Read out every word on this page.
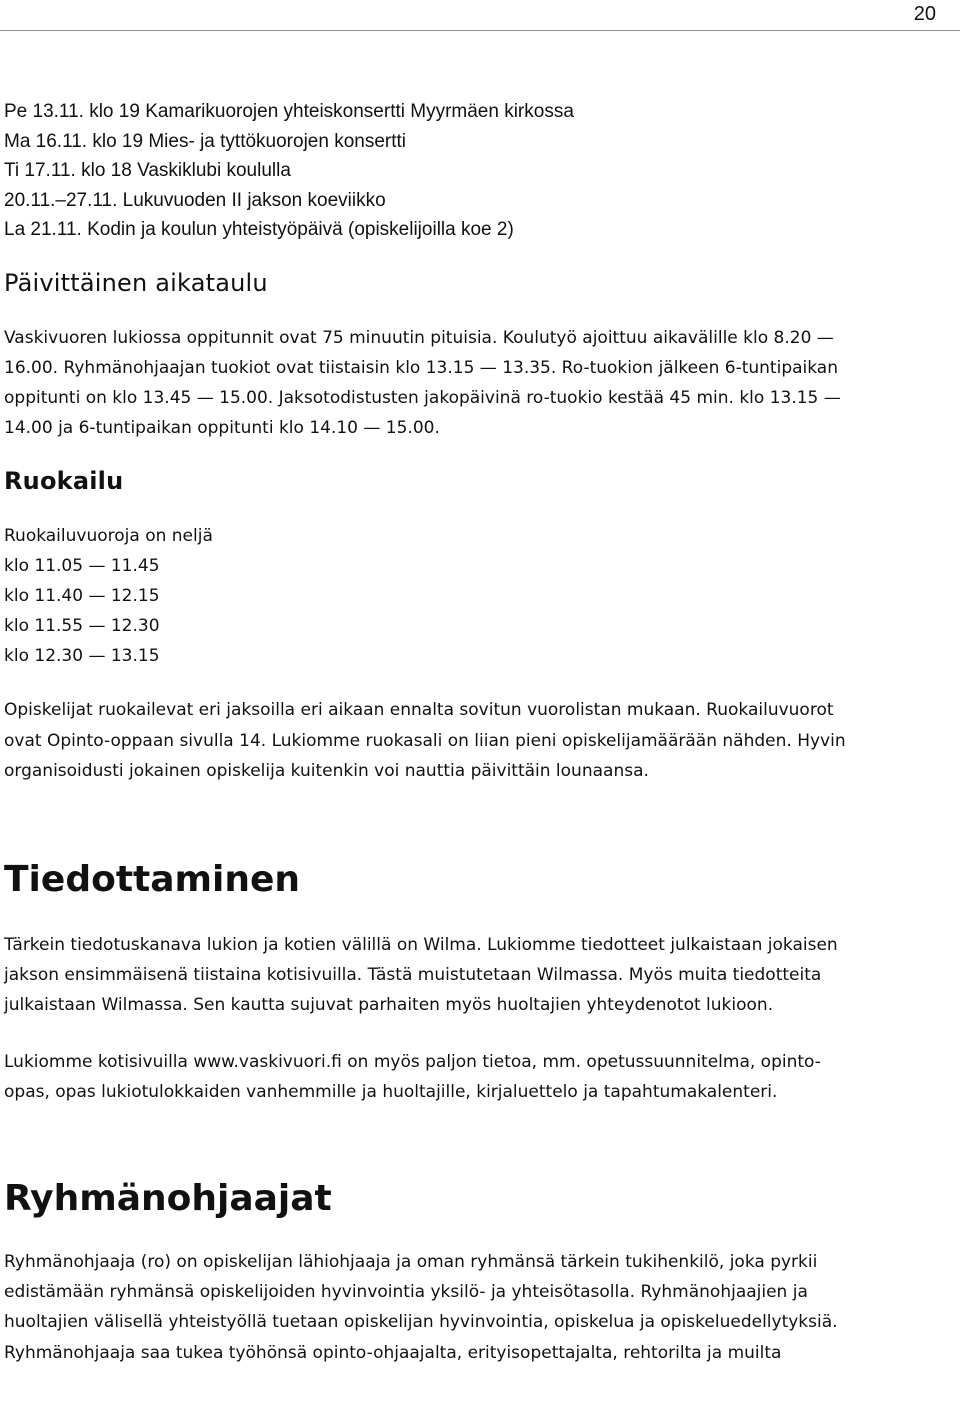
20
Pe 13.11. klo 19 Kamarikuorojen yhteiskonsertti Myyrmäen kirkossa
Ma 16.11. klo 19 Mies- ja tyttökuorojen konsertti
Ti 17.11. klo 18 Vaskiklubi koululla
20.11.–27.11. Lukuvuoden II jakson koeviikko
La 21.11. Kodin ja koulun yhteistyöpäivä (opiskelijoilla koe 2)
Päivittäinen aikataulu
Vaskivuoren lukiossa oppitunnit ovat 75 minuutin pituisia. Koulutyö ajoittuu aikavälille klo 8.20 —
16.00. Ryhmänohjaajan tuokiot ovat tiistaisin klo 13.15 — 13.35. Ro-tuokion jälkeen 6-tuntipaikan
oppitunti on klo 13.45 — 15.00. Jaksotodistusten jakopäivinä ro-tuokio kestää 45 min. klo 13.15 —
14.00 ja 6-tuntipaikan oppitunti klo 14.10 — 15.00.
Ruokailu
Ruokailuvuoroja on neljä
klo 11.05 — 11.45
klo 11.40 — 12.15
klo 11.55 — 12.30
klo 12.30 — 13.15
Opiskelijat ruokailevat eri jaksoilla eri aikaan ennalta sovitun vuorolistan mukaan. Ruokailuvuorot
ovat Opinto-oppaan sivulla 14. Lukiomme ruokasali on liian pieni opiskelijamäärään nähden. Hyvin
organisoidusti jokainen opiskelija kuitenkin voi nauttia päivittäin lounaansa.
Tiedottaminen
Tärkein tiedotuskanava lukion ja kotien välillä on Wilma. Lukiomme tiedotteet julkaistaan jokaisen
jakson ensimmäisenä tiistaina kotisivuilla. Tästä muistutetaan Wilmassa. Myös muita tiedotteita
julkaistaan Wilmassa. Sen kautta sujuvat parhaiten myös huoltajien yhteydenotot lukioon.
Lukiomme kotisivuilla www.vaskivuori.fi on myös paljon tietoa, mm. opetussuunnitelma, opinto-
opas, opas lukiotulokkaiden vanhemmille ja huoltajille, kirjaluettelo ja tapahtumakalenteri.
Ryhmänohjaajat
Ryhmänohjaaja (ro) on opiskelijan lähiohjaaja ja oman ryhmänsä tärkein tukihenkilö, joka pyrkii
edistämään ryhmänsä opiskelijoiden hyvinvointia yksilö- ja yhteisötasolla. Ryhmänohjaajien ja
huoltajien välisellä yhteistyöllä tuetaan opiskelijan hyvinvointia, opiskelua ja opiskeluedellytyksiä.
Ryhmänohjaaja saa tukea työhönsä opinto-ohjaajalta, erityisopettajalta, rehtorilta ja muilta
